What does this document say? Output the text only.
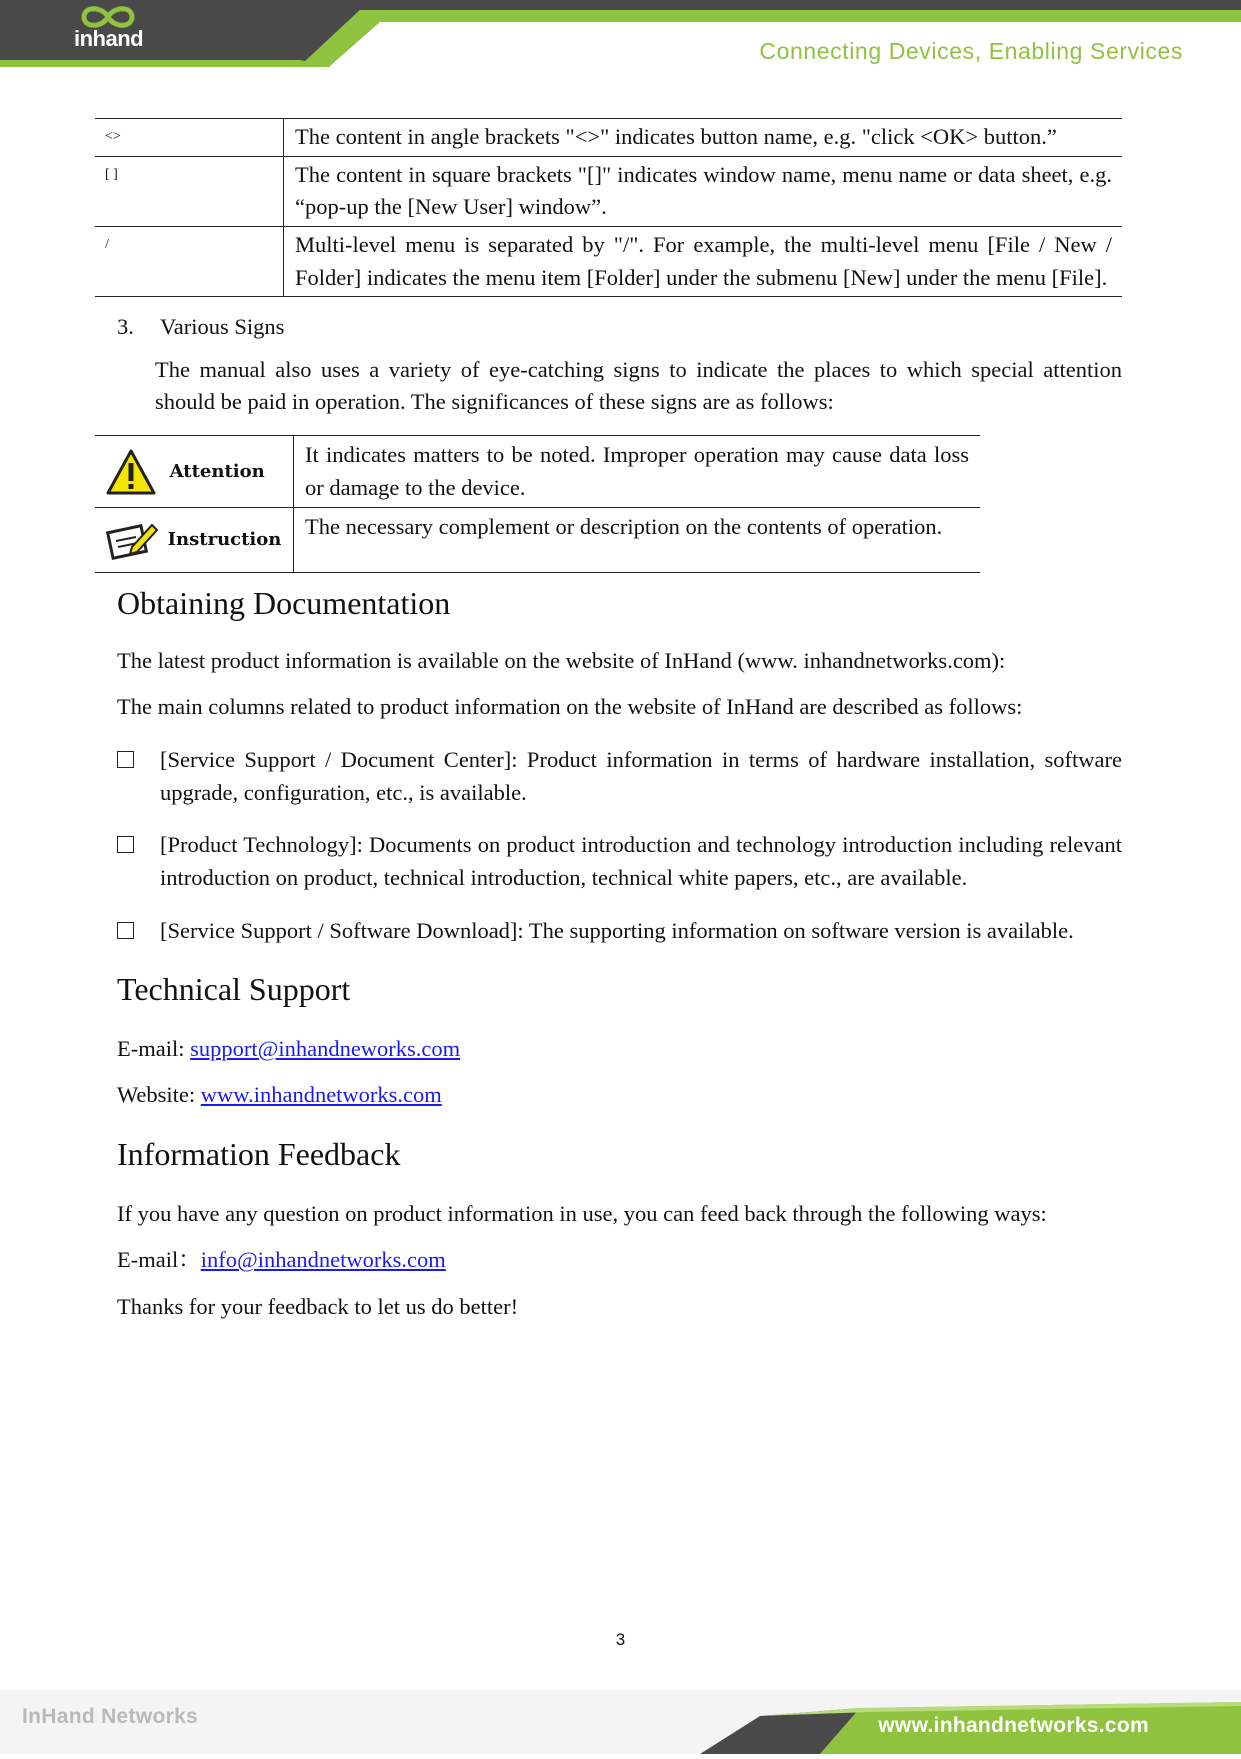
inhand	Connecting Devices, Enabling Services
<>	The content in angle brackets "<>" indicates button name, e.g. "click <OK> button.”
[ ]	The content in square brackets "[]" indicates window name, menu name or data sheet, e.g. “pop-up the [New User] window”.
/	Multi-level menu is separated by "/". For example, the multi-level menu [File / New / Folder] indicates the menu item [Folder] under the submenu [New] under the menu [File].
3. Various Signs
The manual also uses a variety of eye-catching signs to indicate the places to which special attention should be paid in operation. The significances of these signs are as follows:
Attention	It indicates matters to be noted. Improper operation may cause data loss or damage to the device.
Instruction	The necessary complement or description on the contents of operation.
Obtaining Documentation

The latest product information is available on the website of InHand (www. inhandnetworks.com):

The main columns related to product information on the website of InHand are described as follows:

[Service Support / Document Center]: Product information in terms of hardware installation, software upgrade, configuration, etc., is available.
[Product Technology]: Documents on product introduction and technology introduction including relevant introduction on product, technical introduction, technical white papers, etc., are available.
[Service Support / Software Download]: The supporting information on software version is available.
Technical Support

E-mail: support@inhandneworks.com

Website: www.inhandnetworks.com

Information Feedback

If you have any question on product information in use, you can feed back through the following ways:

E-mail：info@inhandnetworks.com

Thanks for your feedback to let us do better!

3
InHand Networks	www.inhandnetworks.com
